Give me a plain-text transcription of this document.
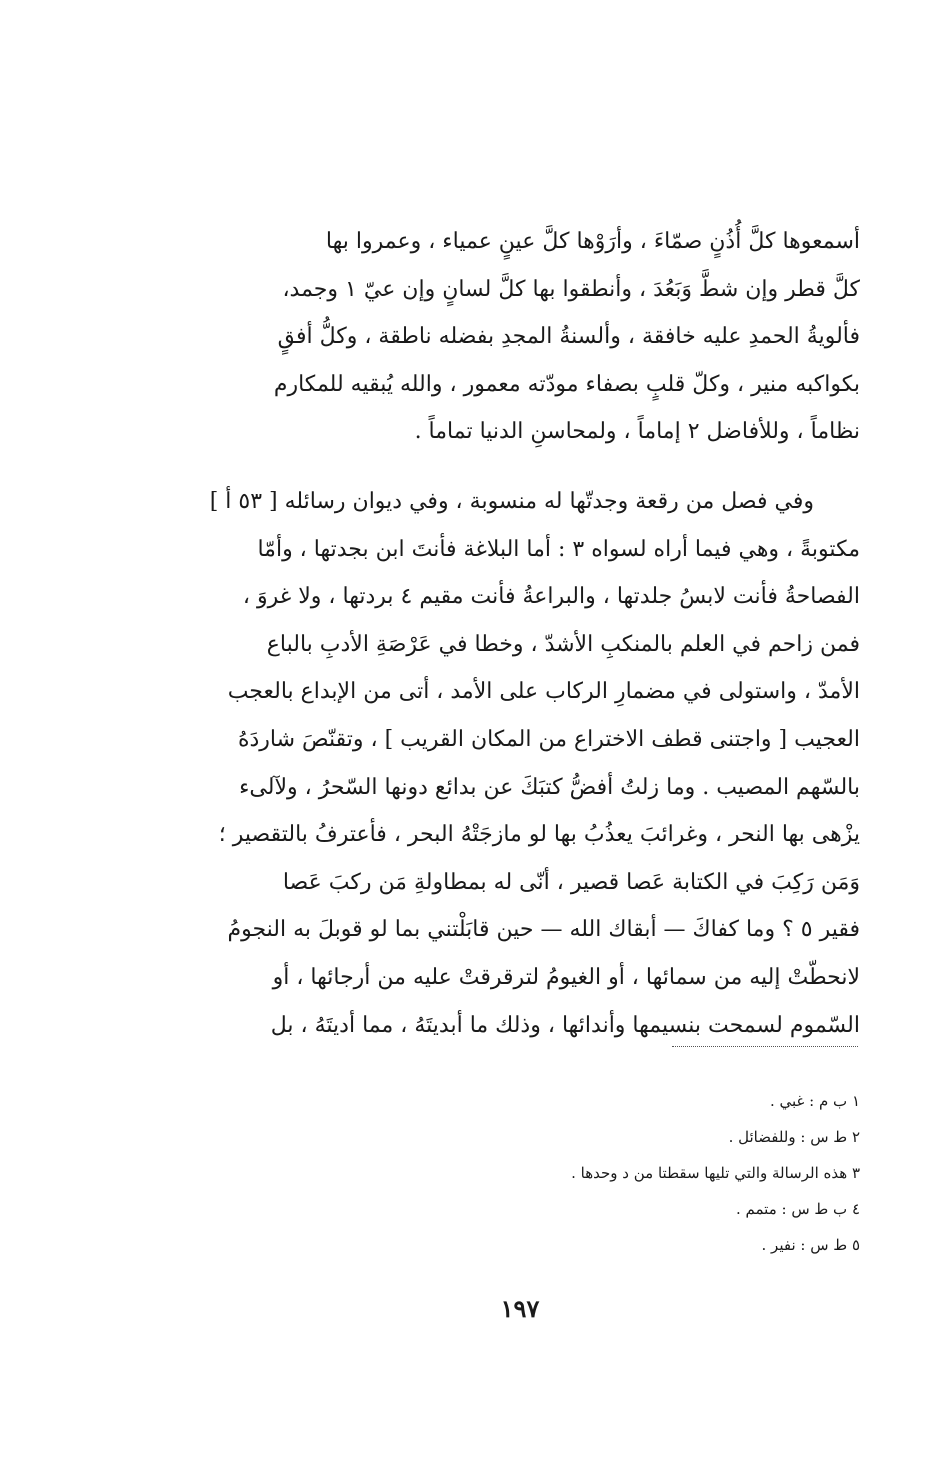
أسمعوها كلَّ أُذُنٍ صمّاءَ ، وأرَوْها كلَّ عينٍ عمياء ، وعمروا بها
كلَّ قطر وإن شطَّ وَبَعُدَ ، وأنطقوا بها كلَّ لسانٍ وإن عيّ ١ وجمد،
فألويةُ الحمدِ عليه خافقة ، وألسنةُ المجدِ بفضله ناطقة ، وكلُّ أفقٍ
بكواكبه منير ، وكلّ قلبٍ بصفاء مودّته معمور ، والله يُبقيه للمكارم
نظاماً ، وللأفاضل ٢ إماماً ، ولمحاسنِ الدنيا تماماً .
وفي فصل من رقعة وجدتّها له منسوبة ، وفي ديوان رسائله [ ٥٣ أ ]
مكتوبةً ، وهي فيما أراه لسواه ٣ : أما البلاغة فأنتَ ابن بجدتها ، وأمّا
الفصاحةُ فأنت لابسُ جلدتها ، والبراعةُ فأنت مقيم ٤ بردتها ، ولا غروَ ،
فمن زاحم في العلم بالمنكبِ الأشدّ ، وخطا في عَرْصَةِ الأدبِ بالباع
الأمدّ ، واستولى في مضمارِ الركاب على الأمد ، أتى من الإبداع بالعجب
العجيب [ واجتنى قطف الاختراع من المكان القريب ] ، وتقنّصَ شاردَهُ
بالسّهم المصيب . وما زلتُ أفضُّ كتبَكَ عن بدائع دونها السّحرُ ، ولآلىء
يزْهى بها النحر ، وغرائبَ يعذُبُ بها لو مازجَتْهُ البحر ، فأعترفُ بالتقصير ؛
وَمَن رَكِبَ في الكتابة عَصا قصير ، أنّى له بمطاولةِ مَن ركبَ عَصا
فقير ٥ ؟ وما كفاكَ — أبقاك الله — حين قابَلْتني بما لو قوبلَ به النجومُ
لانحطّتْ إليه من سمائها ، أو الغيومُ لترقرقتْ عليه من أرجائها ، أو
السّموم لسمحت بنسيمها وأندائها ، وذلك ما أبديتَهُ ، مما أديتَهُ ، بل
١ ب م : غبي .
٢ ط س : وللفضائل .
٣ هذه الرسالة والتي تليها سقطتا من د وحدها .
٤ ب ط س : متمم .
٥ ط س : نفير .
١٩٧
